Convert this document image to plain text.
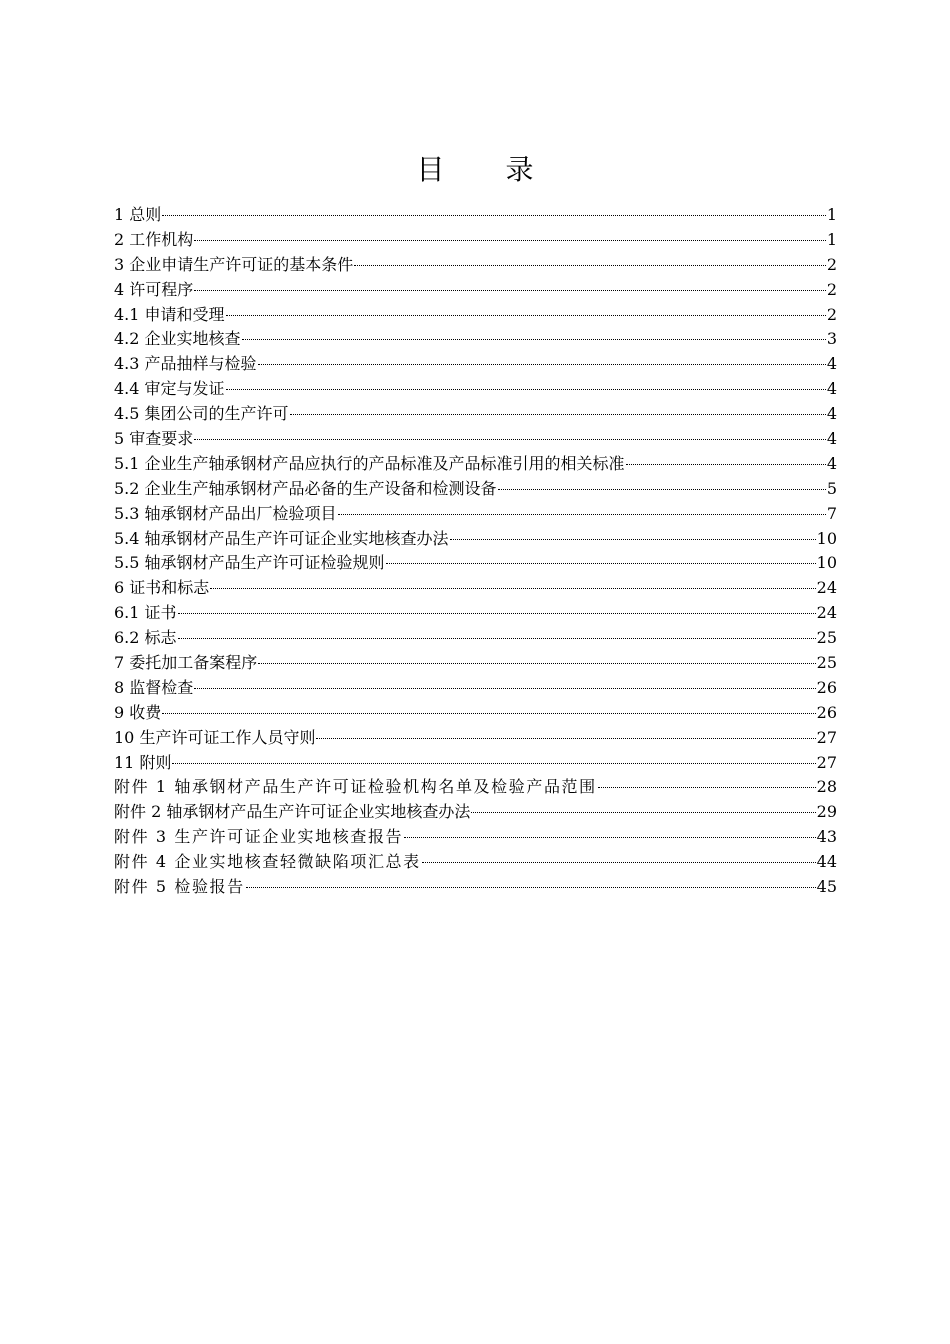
目 录
1 总则	1
2 工作机构	1
3 企业申请生产许可证的基本条件	2
4 许可程序	2
4.1 申请和受理	2
4.2 企业实地核查	3
4.3 产品抽样与检验	4
4.4 审定与发证	4
4.5 集团公司的生产许可	4
5 审查要求	4
5.1 企业生产轴承钢材产品应执行的产品标准及产品标准引用的相关标准	4
5.2 企业生产轴承钢材产品必备的生产设备和检测设备	5
5.3 轴承钢材产品出厂检验项目	7
5.4 轴承钢材产品生产许可证企业实地核查办法	10
5.5 轴承钢材产品生产许可证检验规则	10
6 证书和标志	24
6.1 证书	24
6.2 标志	25
7 委托加工备案程序	25
8 监督检查	26
9 收费	26
10 生产许可证工作人员守则	27
11 附则	27
附件 1 轴承钢材产品生产许可证检验机构名单及检验产品范围	28
附件 2 轴承钢材产品生产许可证企业实地核查办法	29
附件 3 生产许可证企业实地核查报告	43
附件 4 企业实地核查轻微缺陷项汇总表	44
附件 5 检验报告	45
